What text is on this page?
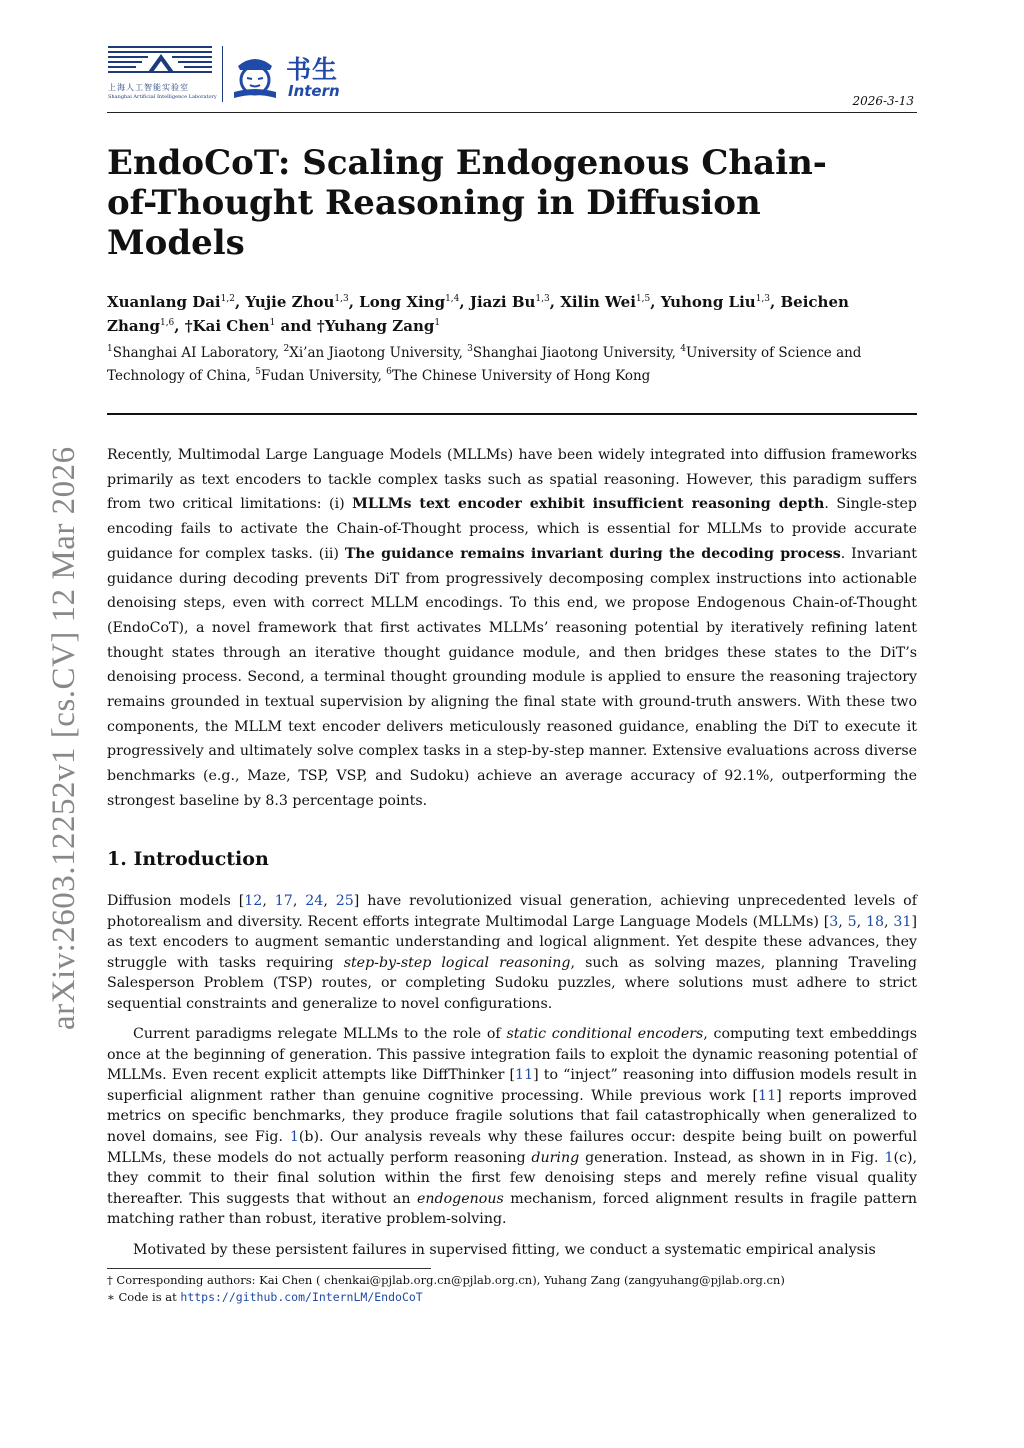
上海人工智能实验室
Shanghai Artificial Intelligence Laboratory
书生
Intern
2026-3-13
EndoCoT: Scaling Endogenous Chain-of-Thought Reasoning in Diffusion Models
Xuanlang Dai$^{1,2}$, Yujie Zhou$^{1,3}$, Long Xing$^{1,4}$, Jiazi Bu$^{1,3}$, Xilin Wei$^{1,5}$, Yuhong Liu$^{1,3}$, Beichen Zhang$^{1,6}$, †Kai Chen$^1$ and †Yuhang Zang$^1$
$^1$Shanghai AI Laboratory, $^2$Xi’an Jiaotong University, $^3$Shanghai Jiaotong University, $^4$University of Science and Technology of China, $^5$Fudan University, $^6$The Chinese University of Hong Kong

Recently, Multimodal Large Language Models (MLLMs) have been widely integrated into diffusion frameworks primarily as text encoders to tackle complex tasks such as spatial reasoning. However, this paradigm suffers from two critical limitations: (i) MLLMs text encoder exhibit insufficient reasoning depth. Single-step encoding fails to activate the Chain-of-Thought process, which is essential for MLLMs to provide accurate guidance for complex tasks. (ii) The guidance remains invariant during the decoding process. Invariant guidance during decoding prevents DiT from progressively decomposing complex instructions into actionable denoising steps, even with correct MLLM encodings. To this end, we propose Endogenous Chain-of-Thought (EndoCoT), a novel framework that first activates MLLMs’ reasoning potential by iteratively refining latent thought states through an iterative thought guidance module, and then bridges these states to the DiT’s denoising process. Second, a terminal thought grounding module is applied to ensure the reasoning trajectory remains grounded in textual supervision by aligning the final state with ground-truth answers. With these two components, the MLLM text encoder delivers meticulously reasoned guidance, enabling the DiT to execute it progressively and ultimately solve complex tasks in a step-by-step manner. Extensive evaluations across diverse benchmarks (e.g., Maze, TSP, VSP, and Sudoku) achieve an average accuracy of 92.1%, outperforming the strongest baseline by 8.3 percentage points.

1. Introduction

Diffusion models [12, 17, 24, 25] have revolutionized visual generation, achieving unprecedented levels of photorealism and diversity. Recent efforts integrate Multimodal Large Language Models (MLLMs) [3, 5, 18, 31] as text encoders to augment semantic understanding and logical alignment. Yet despite these advances, they struggle with tasks requiring step-by-step logical reasoning, such as solving mazes, planning Traveling Salesperson Problem (TSP) routes, or completing Sudoku puzzles, where solutions must adhere to strict sequential constraints and generalize to novel configurations.

Current paradigms relegate MLLMs to the role of static conditional encoders, computing text embeddings once at the beginning of generation. This passive integration fails to exploit the dynamic reasoning potential of MLLMs. Even recent explicit attempts like DiffThinker [11] to “inject” reasoning into diffusion models result in superficial alignment rather than genuine cognitive processing. While previous work [11] reports improved metrics on specific benchmarks, they produce fragile solutions that fail catastrophically when generalized to novel domains, see Fig. 1(b). Our analysis reveals why these failures occur: despite being built on powerful MLLMs, these models do not actually perform reasoning during generation. Instead, as shown in in Fig. 1(c), they commit to their final solution within the first few denoising steps and merely refine visual quality thereafter. This suggests that without an endogenous mechanism, forced alignment results in fragile pattern matching rather than robust, iterative problem-solving.

Motivated by these persistent failures in supervised fitting, we conduct a systematic empirical analysis

† Corresponding authors: Kai Chen ( chenkai@pjlab.org.cn@pjlab.org.cn), Yuhang Zang (zangyuhang@pjlab.org.cn)
∗ Code is at https://github.com/InternLM/EndoCoT
arXiv:2603.12252v1 [cs.CV] 12 Mar 2026
